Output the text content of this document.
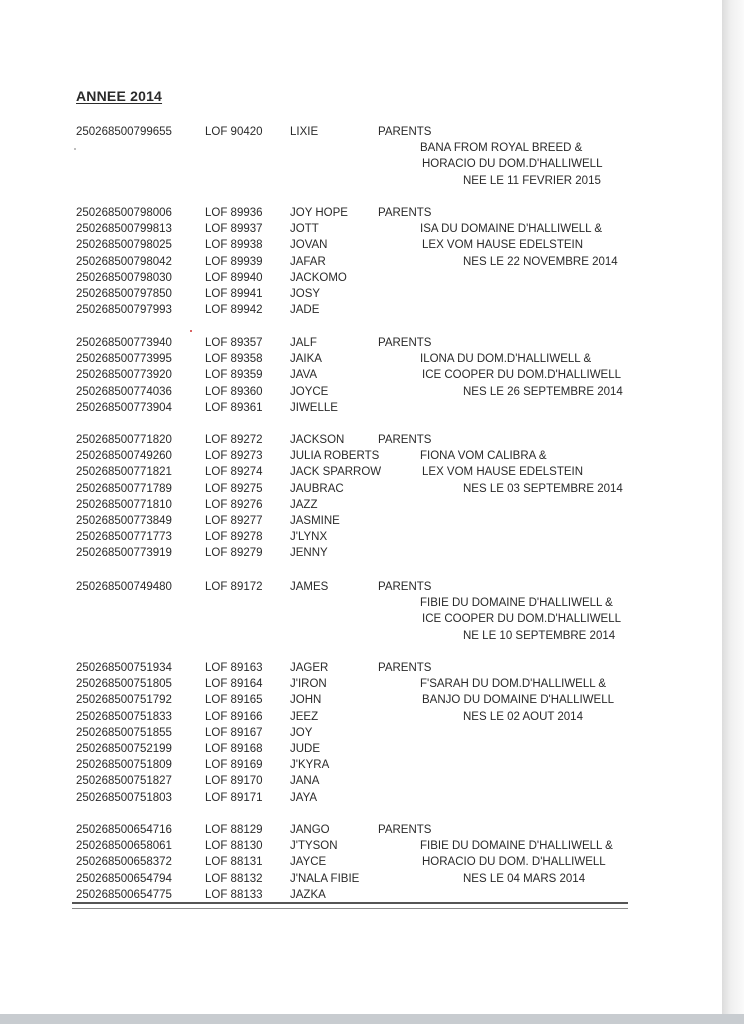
ANNEE 2014
250268500799655	LOF 90420 LIXIE	PARENTS
BANA FROM ROYAL BREED &
HORACIO DU DOM.D'HALLIWELL
NEE LE 11 FEVRIER 2015
250268500798006	LOF 89936 JOY HOPE	PARENTS
250268500799813	LOF 89937 JOTT
250268500798025	LOF 89938 JOVAN
250268500798042	LOF 89939 JAFAR
250268500798030	LOF 89940 JACKOMO
250268500797850	LOF 89941 JOSY
250268500797993	LOF 89942 JADE
ISA DU DOMAINE D'HALLIWELL &
LEX VOM HAUSE EDELSTEIN
NES LE 22 NOVEMBRE 2014
250268500773940	LOF 89357 JALF	PARENTS
250268500773995	LOF 89358 JAIKA
250268500773920	LOF 89359 JAVA
250268500774036	LOF 89360 JOYCE
250268500773904	LOF 89361 JIWELLE
ILONA DU DOM.D'HALLIWELL &
ICE COOPER DU DOM.D'HALLIWELL
NES LE 26 SEPTEMBRE 2014
250268500771820	LOF 89272 JACKSON	PARENTS
250268500749260	LOF 89273 JULIA ROBERTS
250268500771821	LOF 89274 JACK SPARROW
250268500771789	LOF 89275 JAUBRAC
250268500771810	LOF 89276 JAZZ
250268500773849	LOF 89277 JASMINE
250268500771773	LOF 89278 J'LYNX
250268500773919	LOF 89279 JENNY
FIONA VOM CALIBRA &
LEX VOM HAUSE EDELSTEIN
NES LE 03 SEPTEMBRE 2014
250268500749480	LOF 89172 JAMES	PARENTS
FIBIE DU DOMAINE D'HALLIWELL &
ICE COOPER DU DOM.D'HALLIWELL
NE LE 10 SEPTEMBRE 2014
250268500751934	LOF 89163 JAGER	PARENTS
250268500751805	LOF 89164 J'IRON
250268500751792	LOF 89165 JOHN
250268500751833	LOF 89166 JEEZ
250268500751855	LOF 89167 JOY
250268500752199	LOF 89168 JUDE
250268500751809	LOF 89169 J'KYRA
250268500751827	LOF 89170 JANA
250268500751803	LOF 89171 JAYA
F'SARAH DU DOM.D'HALLIWELL &
BANJO DU DOMAINE D'HALLIWELL
NES LE 02 AOUT 2014
250268500654716	LOF 88129 JANGO	PARENTS
250268500658061	LOF 88130 J'TYSON
250268500658372	LOF 88131 JAYCE
250268500654794	LOF 88132 J'NALA FIBIE
250268500654775	LOF 88133 JAZKA
FIBIE DU DOMAINE D'HALLIWELL &
HORACIO DU DOM. D'HALLIWELL
NES LE 04 MARS 2014
